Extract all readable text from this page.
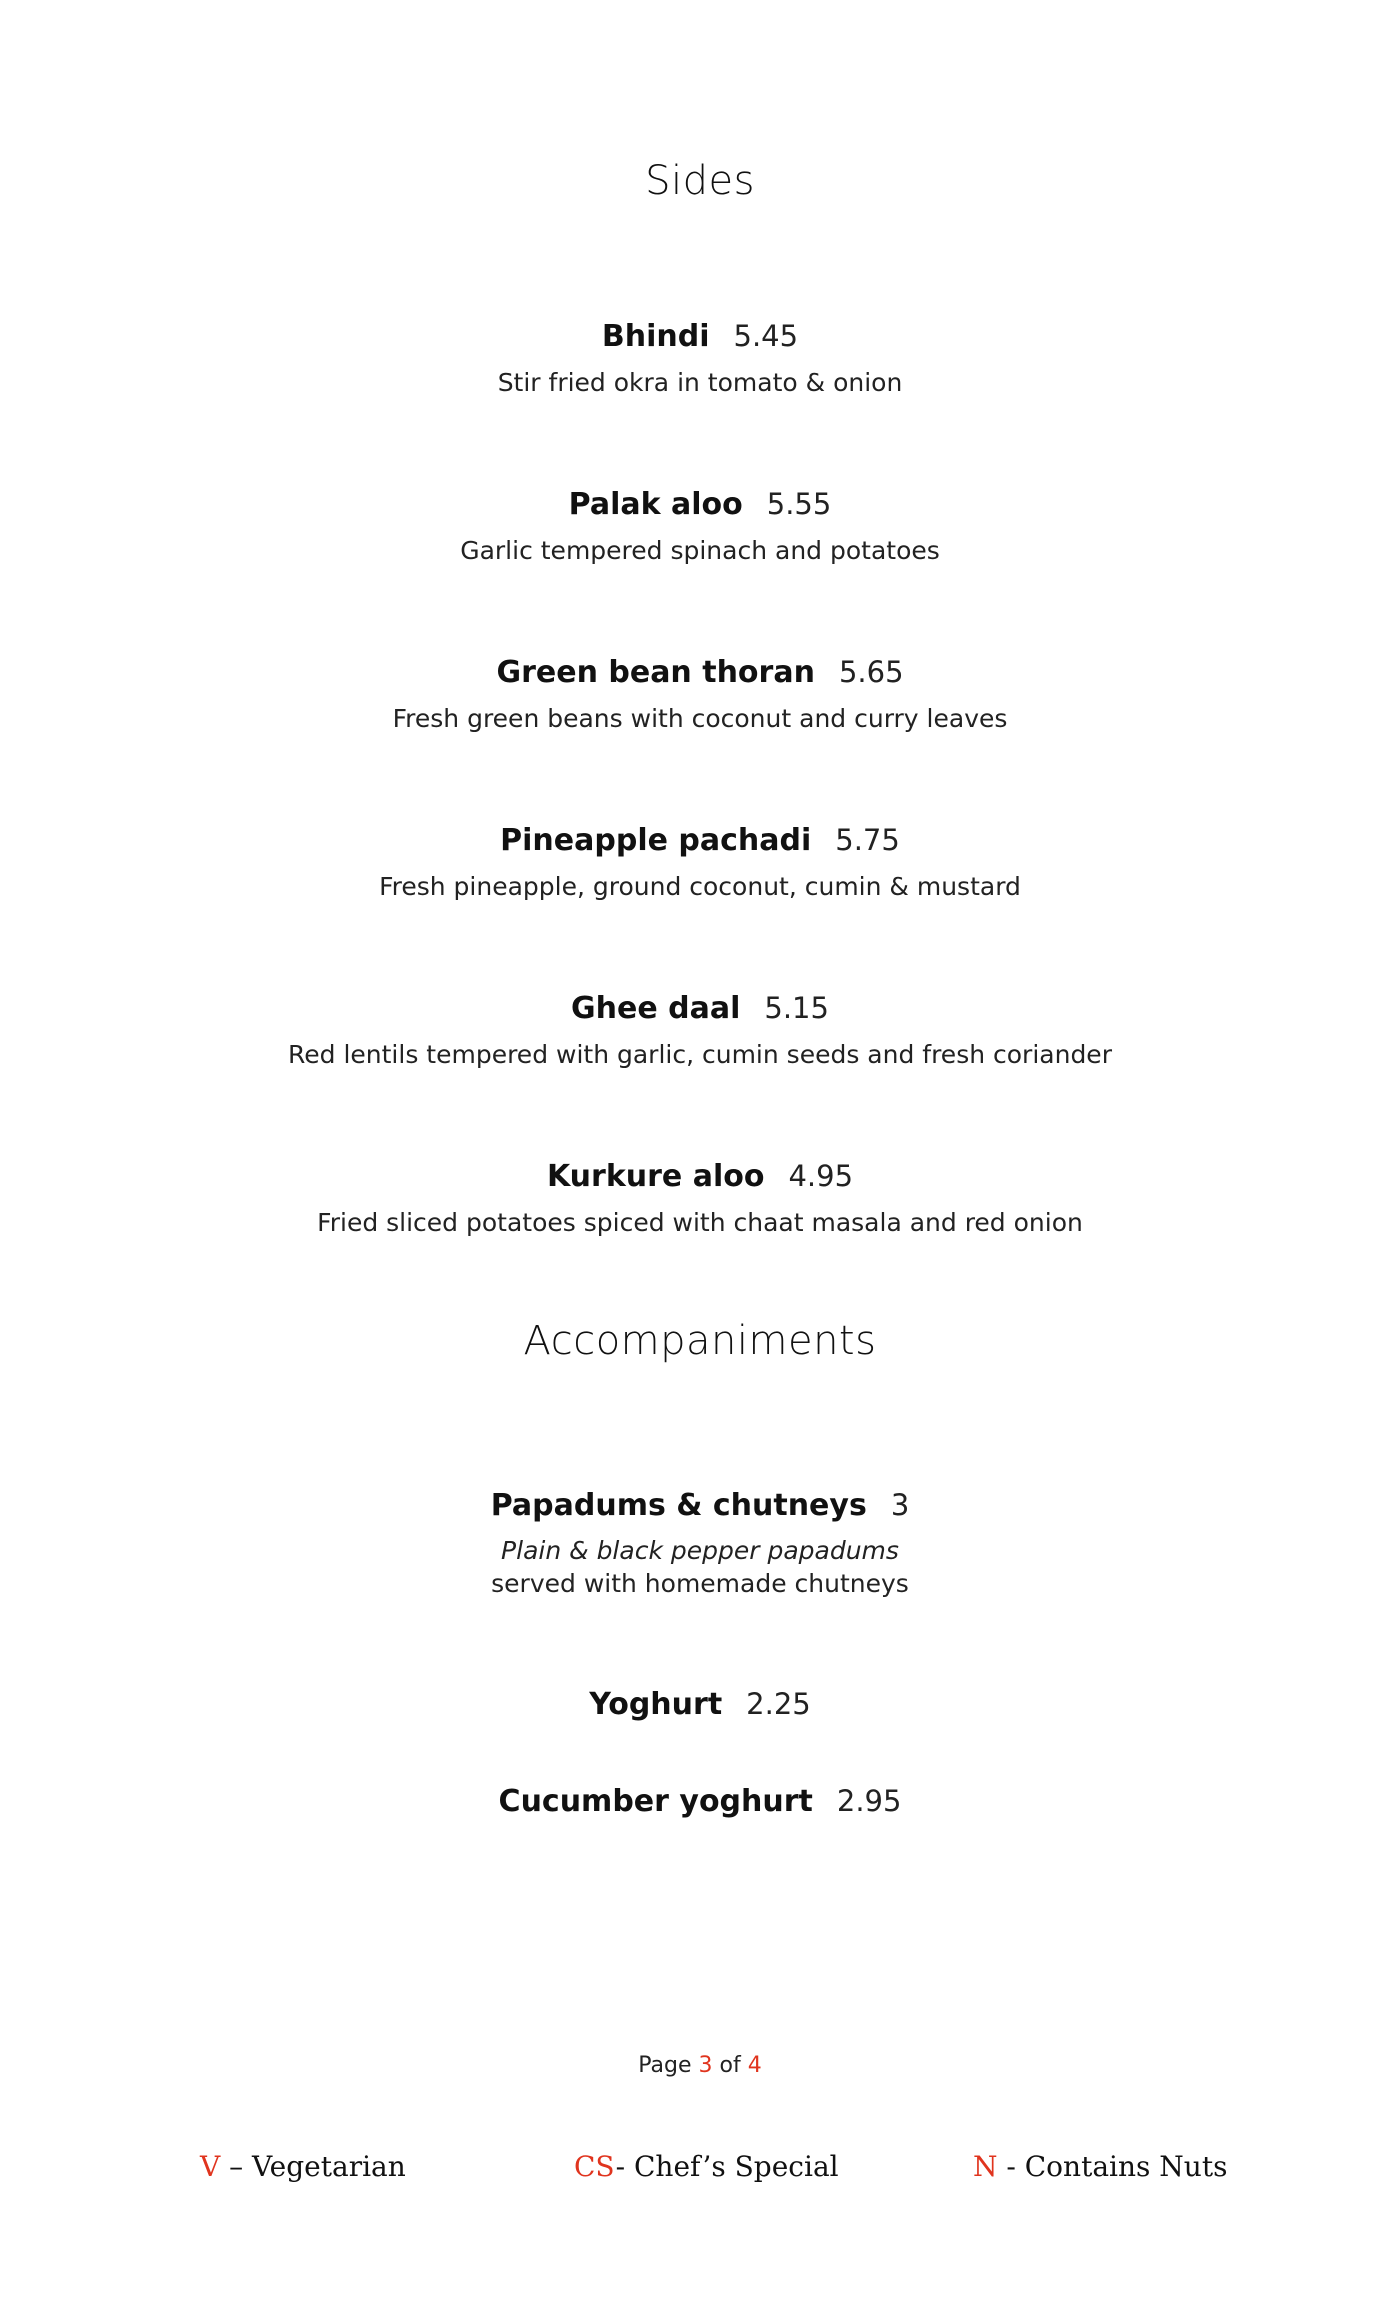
Sides
Bhindi 5.45
Stir fried okra in tomato & onion
Palak aloo 5.55
Garlic tempered spinach and potatoes
Green bean thoran 5.65
Fresh green beans with coconut and curry leaves
Pineapple pachadi 5.75
Fresh pineapple, ground coconut, cumin & mustard
Ghee daal 5.15
Red lentils tempered with garlic, cumin seeds and fresh coriander
Kurkure aloo 4.95
Fried sliced potatoes spiced with chaat masala and red onion
Accompaniments
Papadums & chutneys 3
Plain & black pepper papadums
served with homemade chutneys
Yoghurt 2.25
Cucumber yoghurt 2.95
Page 3 of 4
V – Vegetarian	CS- Chef’s Special	N - Contains Nuts
